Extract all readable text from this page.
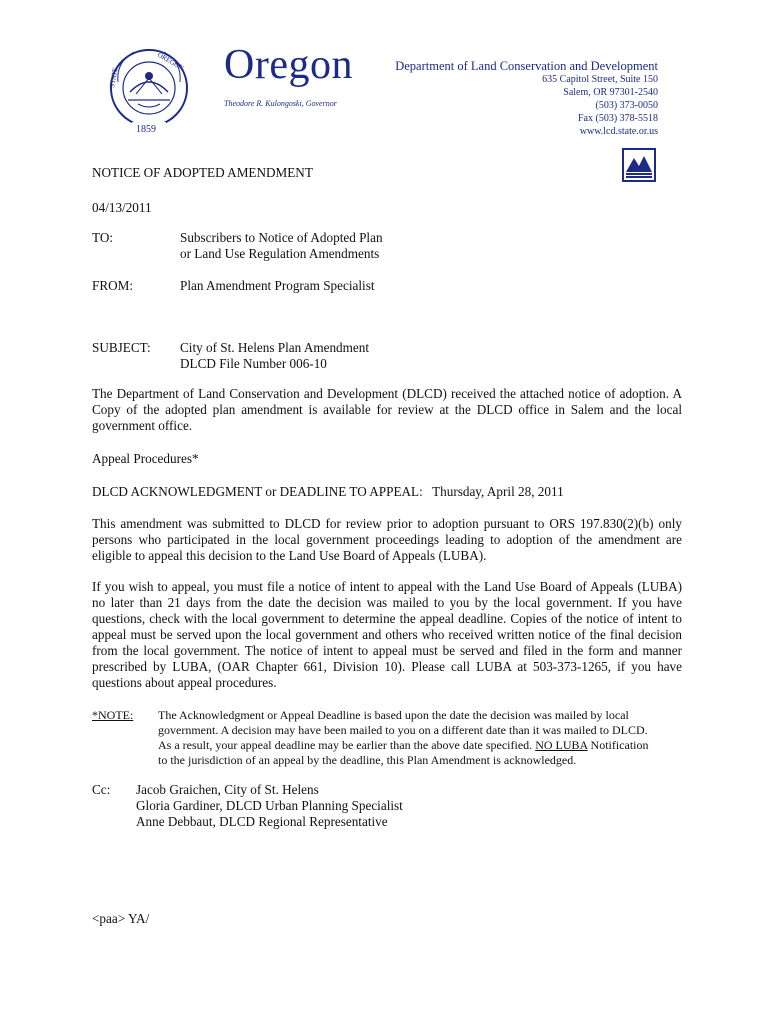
STATE
OREGON
1859
Oregon
Theodore R. Kulongoski, Governor
Department of Land Conservation and Development
635 Capitol Street, Suite 150
Salem, OR 97301-2540
(503) 373-0050
Fax (503) 378-5518
www.lcd.state.or.us
NOTICE OF ADOPTED AMENDMENT
04/13/2011
TO:	Subscribers to Notice of Adopted Plan
or Land Use Regulation Amendments
FROM:	Plan Amendment Program Specialist
SUBJECT: City of St. Helens Plan Amendment
DLCD File Number 006-10
The Department of Land Conservation and Development (DLCD) received the attached notice of adoption. A Copy of the adopted plan amendment is available for review at the DLCD office in Salem and the local government office.
Appeal Procedures*
DLCD ACKNOWLEDGMENT or DEADLINE TO APPEAL: Thursday, April 28, 2011
This amendment was submitted to DLCD for review prior to adoption pursuant to ORS 197.830(2)(b) only persons who participated in the local government proceedings leading to adoption of the amendment are eligible to appeal this decision to the Land Use Board of Appeals (LUBA).
If you wish to appeal, you must file a notice of intent to appeal with the Land Use Board of Appeals (LUBA) no later than 21 days from the date the decision was mailed to you by the local government. If you have questions, check with the local government to determine the appeal deadline. Copies of the notice of intent to appeal must be served upon the local government and others who received written notice of the final decision from the local government. The notice of intent to appeal must be served and filed in the form and manner prescribed by LUBA, (OAR Chapter 661, Division 10). Please call LUBA at 503-373-1265, if you have questions about appeal procedures.
*NOTE: The Acknowledgment or Appeal Deadline is based upon the date the decision was mailed by local government. A decision may have been mailed to you on a different date than it was mailed to DLCD. As a result, your appeal deadline may be earlier than the above date specified. NO LUBA Notification to the jurisdiction of an appeal by the deadline, this Plan Amendment is acknowledged.
Cc: Jacob Graichen, City of St. Helens
Gloria Gardiner, DLCD Urban Planning Specialist
Anne Debbaut, DLCD Regional Representative
<paa> YA/
